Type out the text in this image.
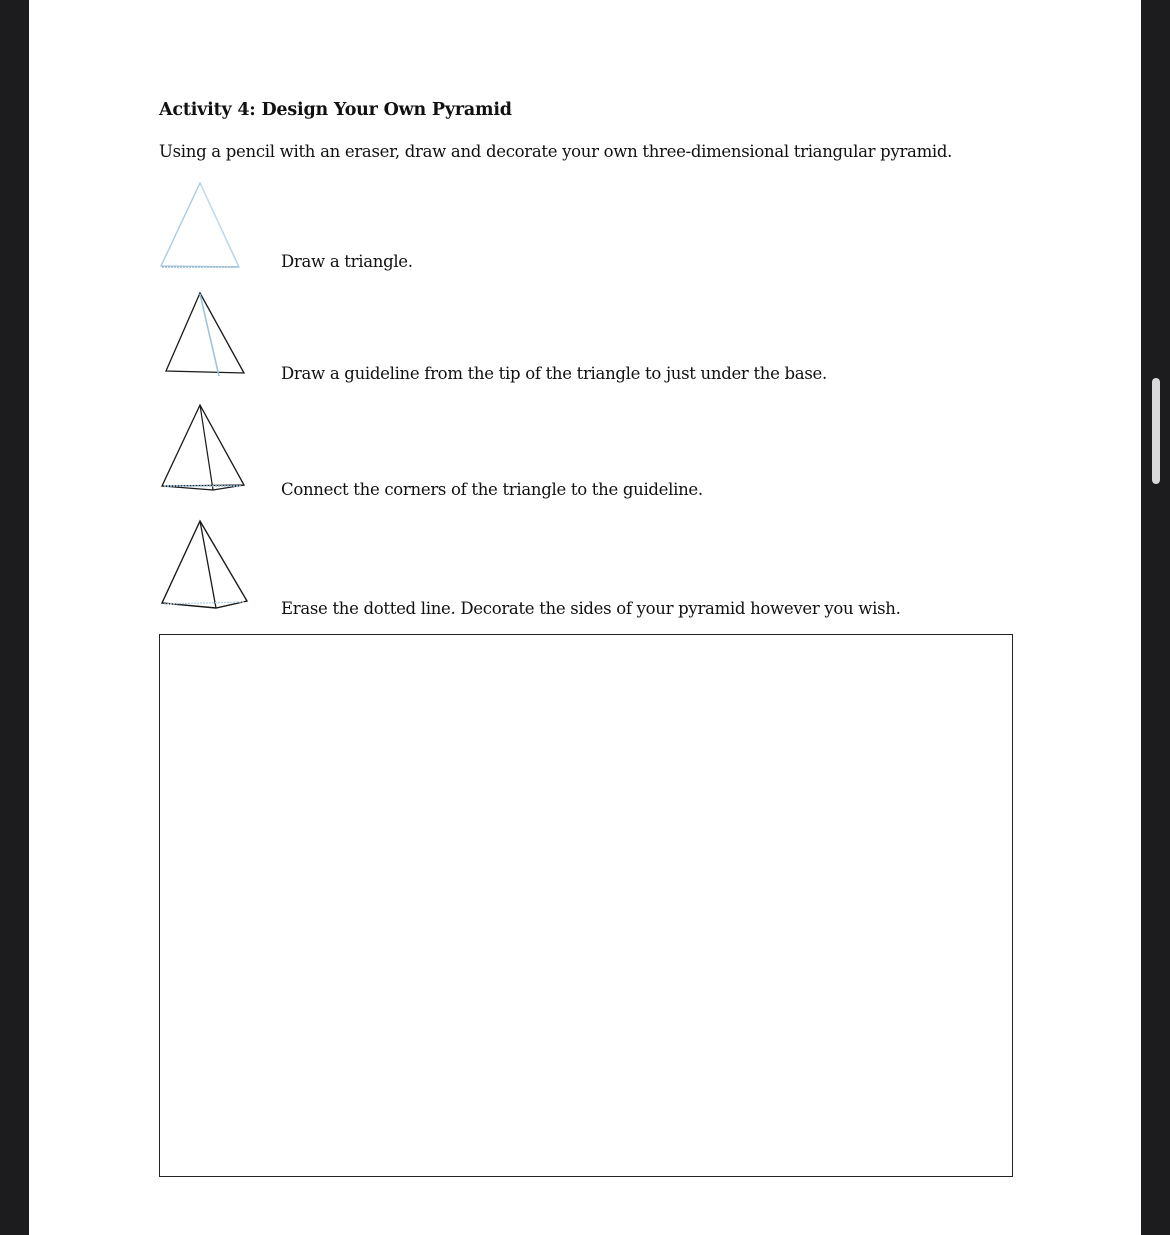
Activity 4: Design Your Own Pyramid
Using a pencil with an eraser, draw and decorate your own three-dimensional triangular pyramid.
Draw a triangle.
Draw a guideline from the tip of the triangle to just under the base.
Connect the corners of the triangle to the guideline.
Erase the dotted line. Decorate the sides of your pyramid however you wish.
